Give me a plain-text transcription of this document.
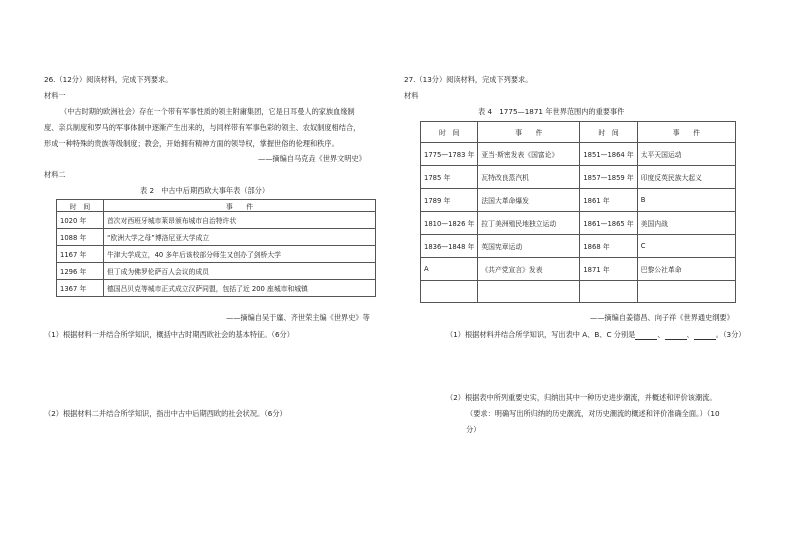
26.（12分）阅读材料，完成下列要求。
材料一
（中古时期的欧洲社会）存在一个带有军事性质的领主附庸集团，它是日耳曼人的家族血缘制
度、亲兵制度和罗马的军事体制中逐渐产生出来的，与同样带有军事色彩的领主、农奴制度相结合，
形成一种特殊的贵族等级制度；教会，开始拥有精神方面的领导权，掌握世俗的伦理和秩序。
——摘编自马克垚《世界文明史》
材料二
表 2　中古中后期西欧大事年表（部分）
时　间	事　　件
1020 年	首次对西班牙城市莱昂颁布城市自治特许状
1088 年	“欧洲大学之母”博洛尼亚大学成立
1167 年	牛津大学成立，40 多年后该校部分师生又创办了剑桥大学
1296 年	但丁成为佛罗伦萨百人会议的成员
1367 年	德国吕贝克等城市正式成立汉萨同盟，包括了近 200 座城市和城镇
——摘编自吴于廑、齐世荣主编《世界史》等
（1）根据材料一并结合所学知识，概括中古时期西欧社会的基本特征。（6分）
（2）根据材料二并结合所学知识，指出中古中后期西欧的社会状况。（6分）
27.（13分）阅读材料，完成下列要求。
材料
表 4　1775—1871 年世界范围内的重要事件
时　间	事　　件	时　间	事　　件
1775—1783 年	亚当·斯密发表《国富论》	1851—1864 年	太平天国运动
1785 年	瓦特改良蒸汽机	1857—1859 年	印度反英民族大起义
1789 年	法国大革命爆发	1861 年	B
1810—1826 年	拉丁美洲殖民地独立运动	1861—1865 年	美国内战
1836—1848 年	英国宪章运动	1868 年	C
A	《共产党宣言》发表	1871 年	巴黎公社革命

——摘编自姜德昌、向子祥《世界通史纲要》
（1）根据材料并结合所学知识，写出表中 A、B、C 分别是	、	、	。（3分）
（2）根据表中所列重要史实，归纳出其中一种历史进步潮流，并概述和评价该潮流。
（要求：明确写出所归纳的历史潮流，对历史潮流的概述和评价准确全面。）（10
分）
